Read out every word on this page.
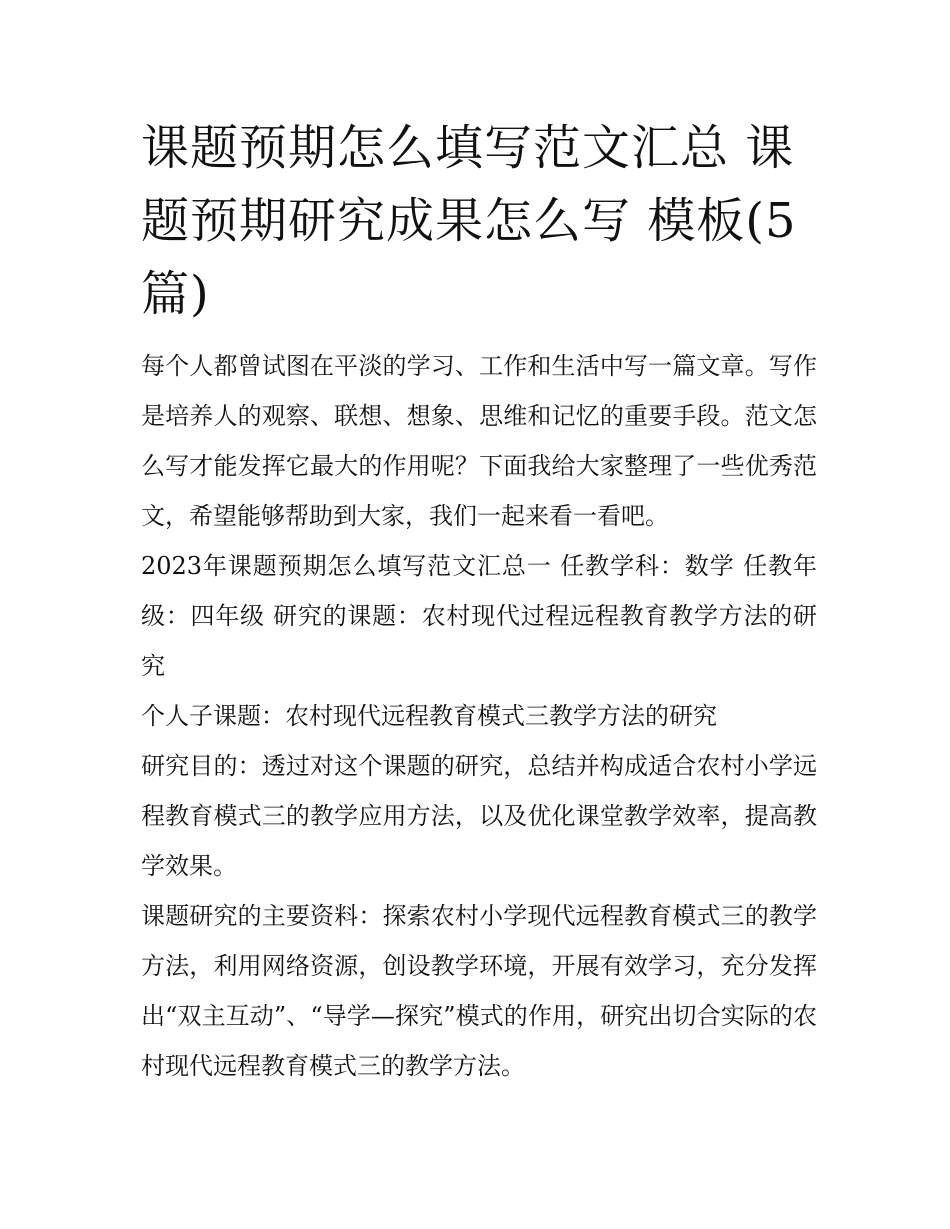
课题预期怎么填写范文汇总 课题预期研究成果怎么写 模板(5篇)

每个人都曾试图在平淡的学习、工作和生活中写一篇文章。写作是培养人的观察、联想、想象、思维和记忆的重要手段。范文怎么写才能发挥它最大的作用呢？下面我给大家整理了一些优秀范文，希望能够帮助到大家，我们一起来看一看吧。

2023年课题预期怎么填写范文汇总一 任教学科：数学 任教年级：四年级 研究的课题：农村现代过程远程教育教学方法的研究

个人子课题：农村现代远程教育模式三教学方法的研究

研究目的：透过对这个课题的研究，总结并构成适合农村小学远程教育模式三的教学应用方法，以及优化课堂教学效率，提高教学效果。

课题研究的主要资料：探索农村小学现代远程教育模式三的教学方法，利用网络资源，创设教学环境，开展有效学习，充分发挥出“双主互动”、“导学—探究”模式的作用，研究出切合实际的农村现代远程教育模式三的教学方法。
